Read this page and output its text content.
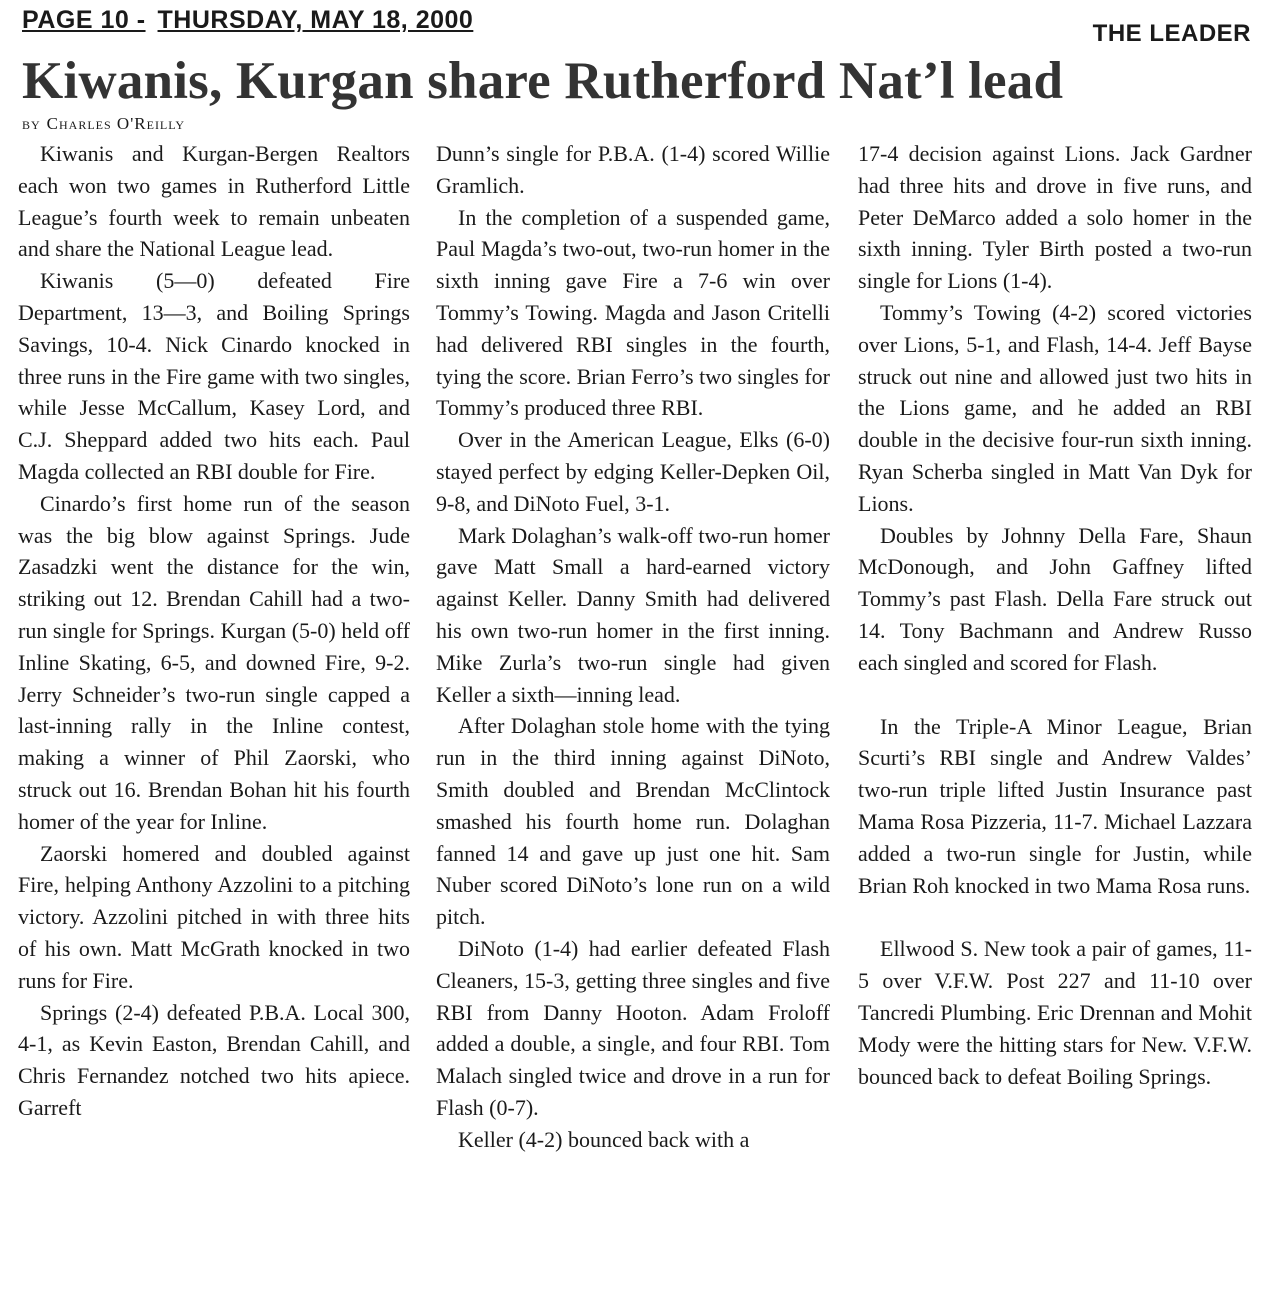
PAGE 10 - THURSDAY, MAY 18, 2000	THE LEADER
Kiwanis, Kurgan share Rutherford Nat’l lead
BY Charles O'Reilly

Kiwanis and Kurgan-Bergen Realtors each won two games in Rutherford Little League’s fourth week to remain unbeaten and share the National League lead.

Kiwanis (5—0) defeated Fire Department, 13—3, and Boiling Springs Savings, 10-4. Nick Cinardo knocked in three runs in the Fire game with two singles, while Jesse McCallum, Kasey Lord, and C.J. Sheppard added two hits each. Paul Magda collected an RBI double for Fire.

Cinardo’s first home run of the season was the big blow against Springs. Jude Zasadzki went the distance for the win, striking out 12. Brendan Cahill had a two-run single for Springs. Kurgan (5-0) held off Inline Skating, 6-5, and downed Fire, 9-2. Jerry Schneider’s two-run single capped a last-inning rally in the Inline contest, making a winner of Phil Zaorski, who struck out 16. Brendan Bohan hit his fourth homer of the year for Inline.

Zaorski homered and doubled against Fire, helping Anthony Azzolini to a pitching victory. Azzolini pitched in with three hits of his own. Matt McGrath knocked in two runs for Fire.

Springs (2-4) defeated P.B.A. Local 300, 4-1, as Kevin Easton, Brendan Cahill, and Chris Fernandez notched two hits apiece. Garreft

Dunn’s single for P.B.A. (1-4) scored Willie Gramlich.

In the completion of a suspended game, Paul Magda’s two-out, two-run homer in the sixth inning gave Fire a 7-6 win over Tommy’s Towing. Magda and Jason Critelli had delivered RBI singles in the fourth, tying the score. Brian Ferro’s two singles for Tommy’s produced three RBI.

Over in the American League, Elks (6-0) stayed perfect by edging Keller-Depken Oil, 9-8, and DiNoto Fuel, 3-1.

Mark Dolaghan’s walk-off two-run homer gave Matt Small a hard-earned victory against Keller. Danny Smith had delivered his own two-run homer in the first inning. Mike Zurla’s two-run single had given Keller a sixth—inning lead.

After Dolaghan stole home with the tying run in the third inning against DiNoto, Smith doubled and Brendan McClintock smashed his fourth home run. Dolaghan fanned 14 and gave up just one hit. Sam Nuber scored DiNoto’s lone run on a wild pitch.

DiNoto (1-4) had earlier defeated Flash Cleaners, 15-3, getting three singles and five RBI from Danny Hooton. Adam Froloff added a double, a single, and four RBI. Tom Malach singled twice and drove in a run for Flash (0-7).

Keller (4-2) bounced back with a

17-4 decision against Lions. Jack Gardner had three hits and drove in five runs, and Peter DeMarco added a solo homer in the sixth inning. Tyler Birth posted a two-run single for Lions (1-4).

Tommy’s Towing (4-2) scored victories over Lions, 5-1, and Flash, 14-4. Jeff Bayse struck out nine and allowed just two hits in the Lions game, and he added an RBI double in the decisive four-run sixth inning. Ryan Scherba singled in Matt Van Dyk for Lions.

Doubles by Johnny Della Fare, Shaun McDonough, and John Gaffney lifted Tommy’s past Flash. Della Fare struck out 14. Tony Bachmann and Andrew Russo each singled and scored for Flash.

In the Triple-A Minor League, Brian Scurti’s RBI single and Andrew Valdes’ two-run triple lifted Justin Insurance past Mama Rosa Pizzeria, 11-7. Michael Lazzara added a two-run single for Justin, while Brian Roh knocked in two Mama Rosa runs.

Ellwood S. New took a pair of games, 11-5 over V.F.W. Post 227 and 11-10 over Tancredi Plumbing. Eric Drennan and Mohit Mody were the hitting stars for New. V.F.W. bounced back to defeat Boiling Springs.
